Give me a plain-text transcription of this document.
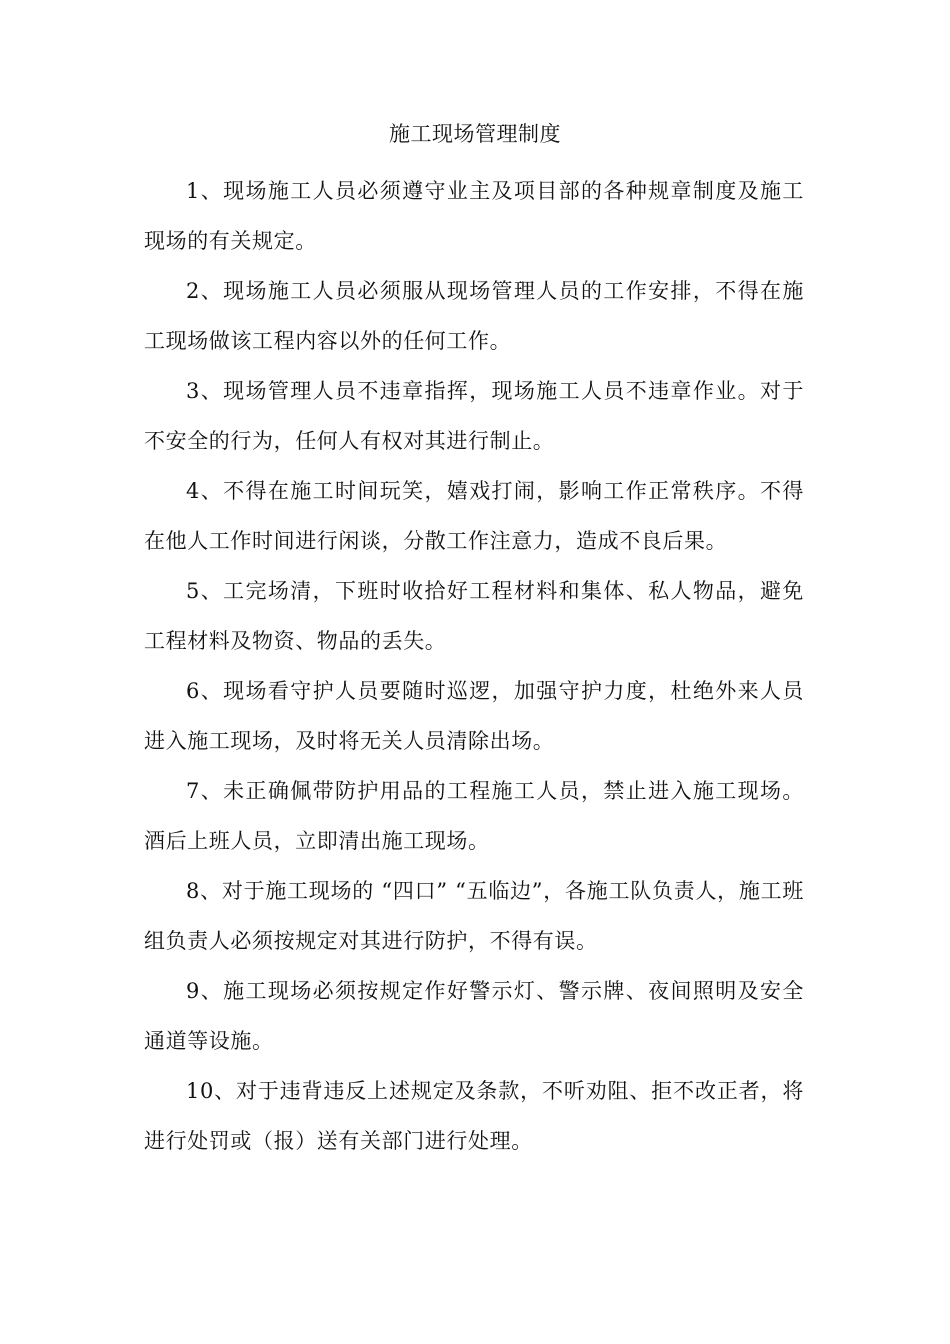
施工现场管理制度

1、现场施工人员必须遵守业主及项目部的各种规章制度及施工现场的有关规定。

2、现场施工人员必须服从现场管理人员的工作安排，不得在施工现场做该工程内容以外的任何工作。

3、现场管理人员不违章指挥，现场施工人员不违章作业。对于不安全的行为，任何人有权对其进行制止。

4、不得在施工时间玩笑，嬉戏打闹，影响工作正常秩序。不得在他人工作时间进行闲谈，分散工作注意力，造成不良后果。

5、工完场清，下班时收拾好工程材料和集体、私人物品，避免工程材料及物资、物品的丢失。

6、现场看守护人员要随时巡逻，加强守护力度，杜绝外来人员进入施工现场，及时将无关人员清除出场。

7、未正确佩带防护用品的工程施工人员，禁止进入施工现场。酒后上班人员，立即清出施工现场。

8、对于施工现场的 “四口” “五临边”，各施工队负责人，施工班组负责人必须按规定对其进行防护，不得有误。

9、施工现场必须按规定作好警示灯、警示牌、夜间照明及安全通道等设施。

10、对于违背违反上述规定及条款，不听劝阻、拒不改正者，将进行处罚或（报）送有关部门进行处理。
